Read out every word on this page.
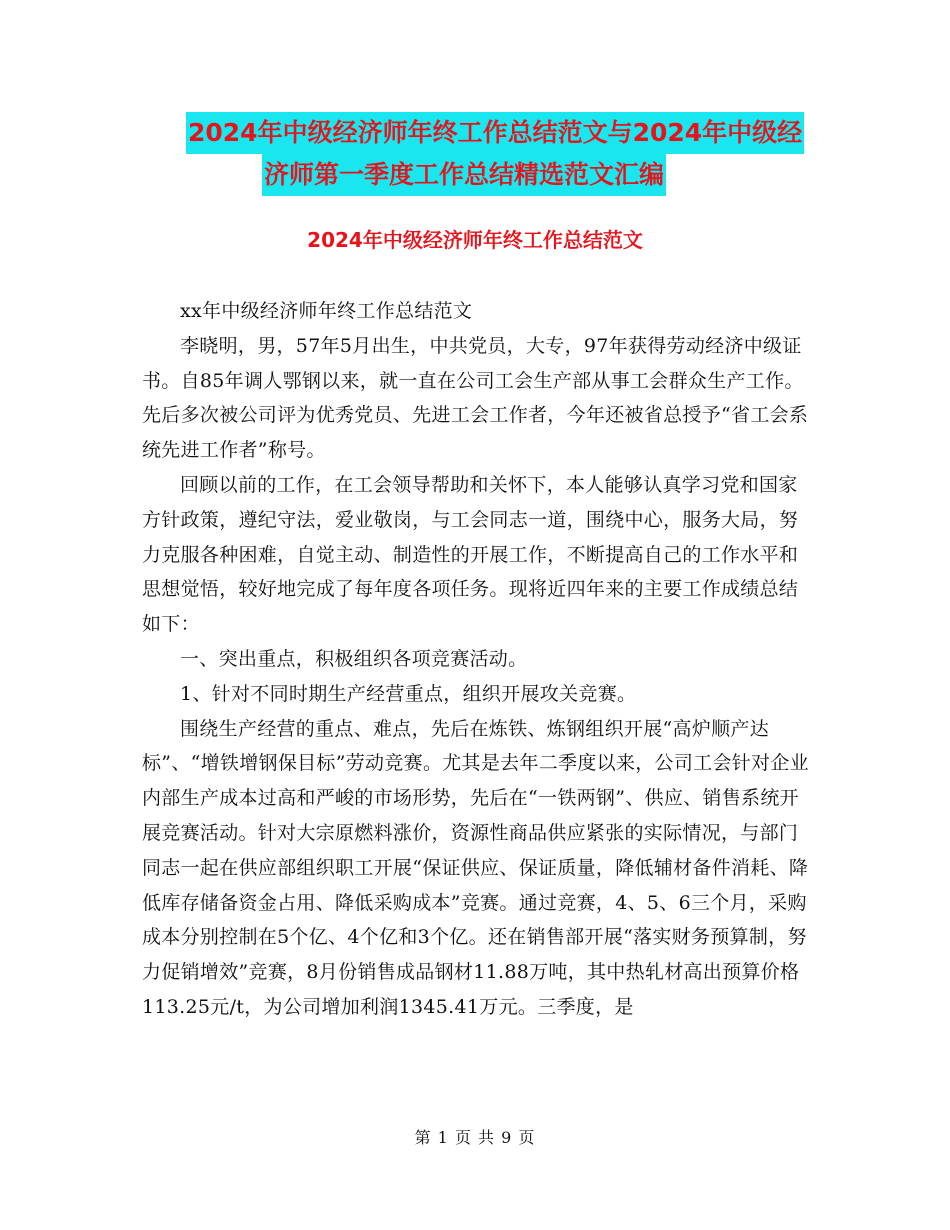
2024年中级经济师年终工作总结范文与2024年中级经
济师第一季度工作总结精选范文汇编
2024年中级经济师年终工作总结范文

xx年中级经济师年终工作总结范文

李晓明，男，57年5月出生，中共党员，大专，97年获得劳动经济中级证书。自85年调人鄂钢以来，就一直在公司工会生产部从事工会群众生产工作。先后多次被公司评为优秀党员、先进工会工作者，今年还被省总授予“省工会系统先进工作者”称号。

回顾以前的工作，在工会领导帮助和关怀下，本人能够认真学习党和国家方针政策，遵纪守法，爱业敬岗，与工会同志一道，围绕中心，服务大局，努力克服各种困难，自觉主动、制造性的开展工作，不断提高自己的工作水平和思想觉悟，较好地完成了每年度各项任务。现将近四年来的主要工作成绩总结如下：

一、突出重点，积极组织各项竞赛活动。

1、针对不同时期生产经营重点，组织开展攻关竞赛。

围绕生产经营的重点、难点，先后在炼铁、炼钢组织开展“高炉顺产达标”、“增铁增钢保目标”劳动竞赛。尤其是去年二季度以来，公司工会针对企业内部生产成本过高和严峻的市场形势，先后在“一铁两钢”、供应、销售系统开展竞赛活动。针对大宗原燃料涨价，资源性商品供应紧张的实际情况，与部门同志一起在供应部组织职工开展“保证供应、保证质量，降低辅材备件消耗、降低库存储备资金占用、降低采购成本”竞赛。通过竞赛，4、5、6三个月，采购成本分别控制在5个亿、4个亿和3个亿。还在销售部开展“落实财务预算制，努力促销增效”竞赛，8月份销售成品钢材11.88万吨，其中热轧材高出预算价格113.25元/t，为公司增加利润1345.41万元。三季度，是

第 1 页 共 9 页
